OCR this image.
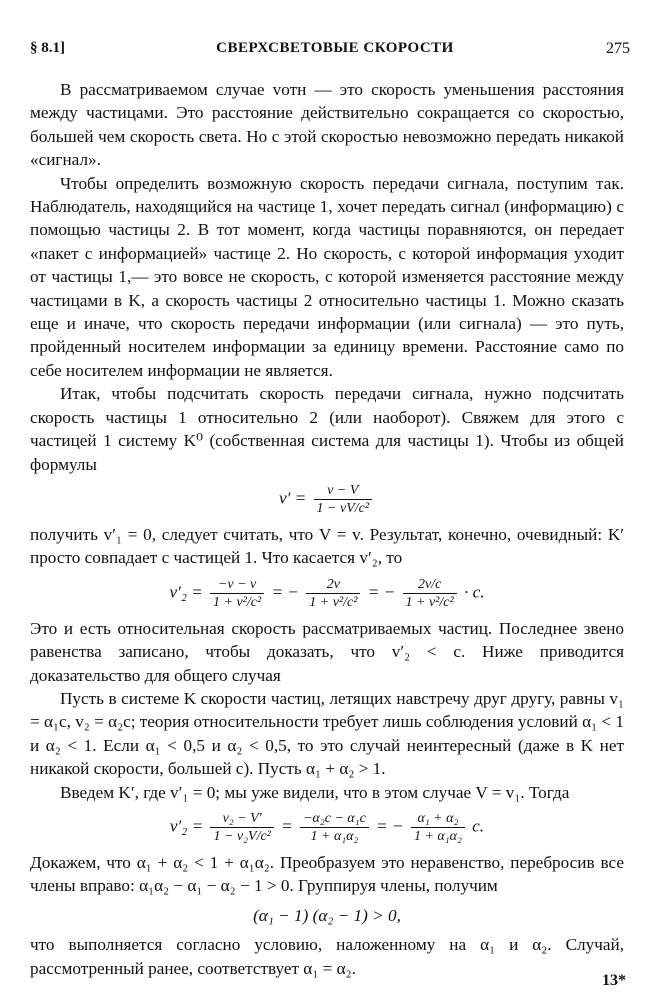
§ 8.1]	СВЕРХСВЕТОВЫЕ СКОРОСТИ	275

В рассматриваемом случае vотн — это скорость уменьшения расстояния между частицами. Это расстояние действительно сокращается со скоростью, большей чем скорость света. Но с этой скоростью невозможно передать никакой «сигнал».

Чтобы определить возможную скорость передачи сигнала, поступим так. Наблюдатель, находящийся на частице 1, хочет передать сигнал (информацию) с помощью частицы 2. В тот момент, когда частицы поравняются, он передает «пакет с информацией» частице 2. Но скорость, с которой информация уходит от частицы 1,— это вовсе не скорость, с которой изменяется расстояние между частицами в K, а скорость частицы 2 относительно частицы 1. Можно сказать еще и иначе, что скорость передачи информации (или сигнала) — это путь, пройденный носителем информации за единицу времени. Расстояние само по себе носителем информации не является.

Итак, чтобы подсчитать скорость передачи сигнала, нужно подсчитать скорость частицы 1 относительно 2 (или наоборот). Свяжем для этого с частицей 1 систему K⁰ (собственная система для частицы 1). Чтобы из общей формулы

$v' = \frac{v - V}{\text{1 − vV/c²}}$

получить v′₁ = 0, следует считать, что V = v. Результат, конечно, очевидный: K′ просто совпадает с частицей 1. Что касается v′₂, то

$v'_2 = \frac{-v - v}{\text{1 + v²/c²}}$ = − $\frac{2v}{\text{1 + v²/c²}}$ = − $\frac{2v/c}{\text{1 + v²/c²}} \cdot c$.

Это и есть относительная скорость рассматриваемых частиц. Последнее звено равенства записано, чтобы доказать, что v′₂ < c. Ниже приводится доказательство для общего случая

Пусть в системе K скорости частиц, летящих навстречу друг другу, равны v₁ = α₁c, v₂ = α₂c; теория относительности требует лишь соблюдения условий α₁ < 1 и α₂ < 1. Если α₁ < 0,5 и α₂ < 0,5, то это случай неинтересный (даже в K нет никакой скорости, большей c). Пусть α₁ + α₂ > 1.

Введем K′, где v′₁ = 0; мы уже видели, что в этом случае V = v₁. Тогда

$v'_2 = \frac{\text{v₂ − V′}}{\text{1 − v₂V/c²}} = \frac{\text{−α₂c − α₁c}}{\text{1 + α₁α₂}}$ = − $\frac{\text{α₁ + α₂}}{\text{1 + α₁α₂}} c$.

Докажем, что α₁ + α₂ < 1 + α₁α₂. Преобразуем это неравенство, перебросив все члены вправо: α₁α₂ − α₁ − α₂ − 1 > 0. Группируя члены, получим

(α₁ − 1) (α₂ − 1) > 0,

что выполняется согласно условию, наложенному на α₁ и α₂. Случай, рассмотренный ранее, соответствует α₁ = α₂.

13*
